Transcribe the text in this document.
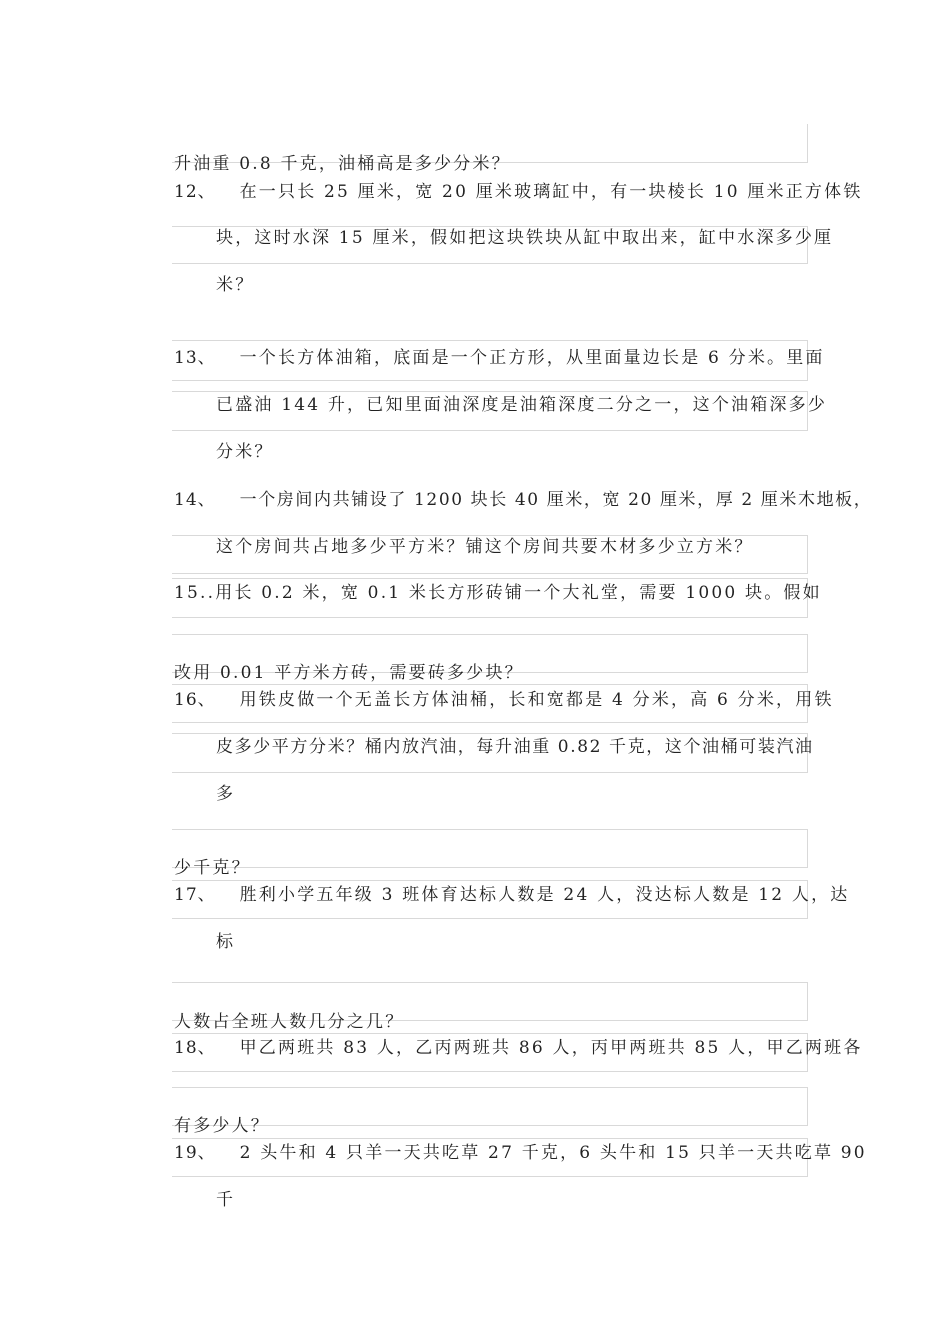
升油重 0.8 千克，油桶高是多少分米？
12、 在一只长 25 厘米，宽 20 厘米玻璃缸中，有一块棱长 10 厘米正方体铁
块，这时水深 15 厘米，假如把这块铁块从缸中取出来，缸中水深多少厘
米？
13、 一个长方体油箱，底面是一个正方形，从里面量边长是 6 分米。里面
已盛油 144 升，已知里面油深度是油箱深度二分之一，这个油箱深多少
分米？
14、 一个房间内共铺设了 1200 块长 40 厘米，宽 20 厘米，厚 2 厘米木地板，
这个房间共占地多少平方米？铺这个房间共要木材多少立方米？
15..用长 0.2 米，宽 0.1 米长方形砖铺一个大礼堂，需要 1000 块。假如
改用 0.01 平方米方砖，需要砖多少块？
16、 用铁皮做一个无盖长方体油桶，长和宽都是 4 分米，高 6 分米，用铁
皮多少平方分米？桶内放汽油，每升油重 0.82 千克，这个油桶可装汽油
多
少千克？
17、 胜利小学五年级 3 班体育达标人数是 24 人，没达标人数是 12 人，达
标
人数占全班人数几分之几？
18、 甲乙两班共 83 人，乙丙两班共 86 人，丙甲两班共 85 人，甲乙两班各
有多少人？
19、 2 头牛和 4 只羊一天共吃草 27 千克，6 头牛和 15 只羊一天共吃草 90
千
